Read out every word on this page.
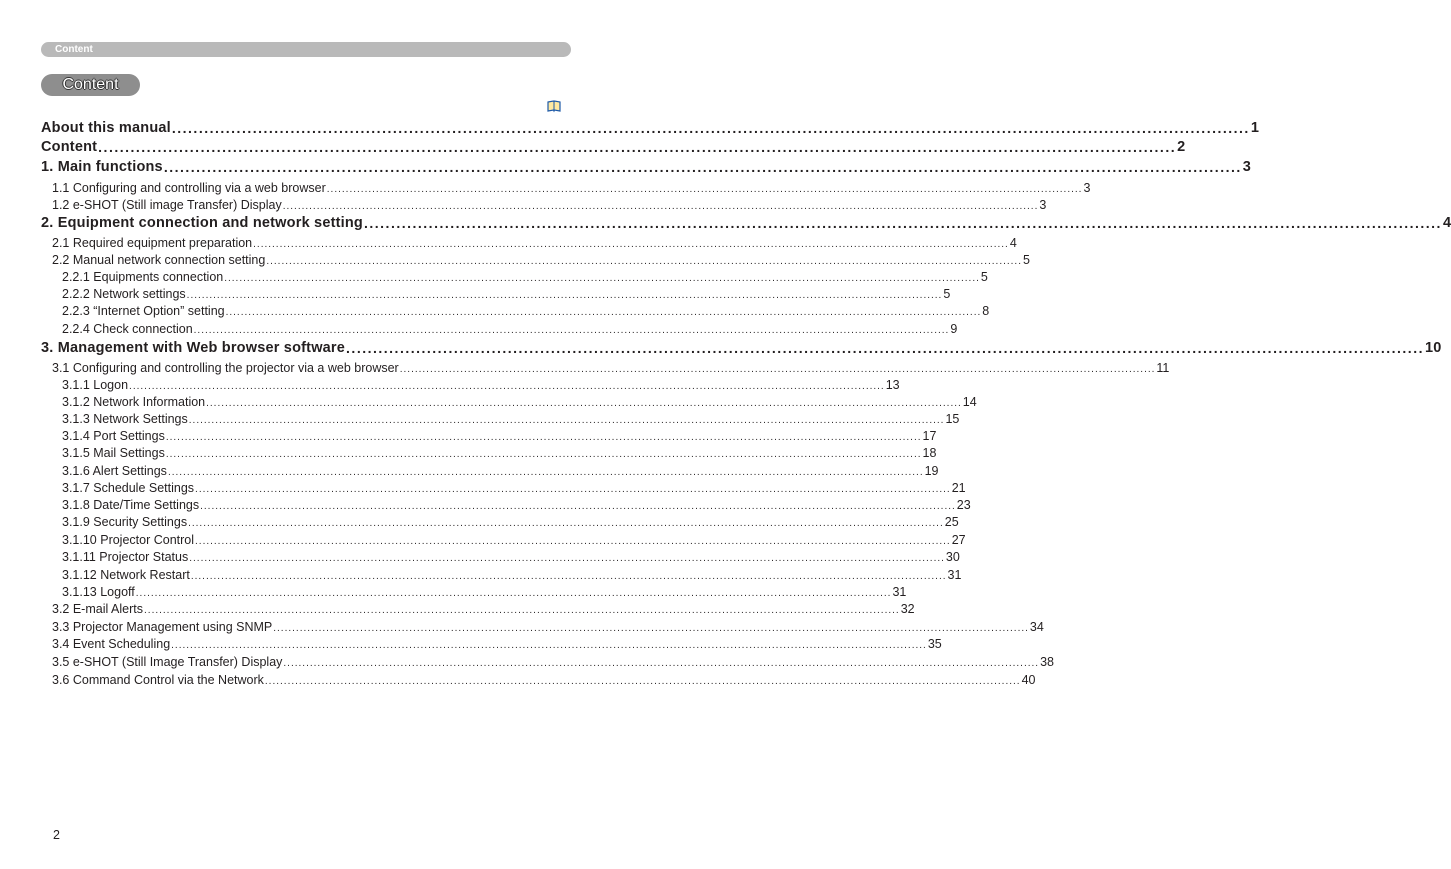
Content
Content
About this manual ........................................................................................................................................................................................................ 1
Content ........................................................................................................................................................................................................ 2
1. Main functions ........................................................................................................................................................................................................ 3
1.1 Configuring and controlling via a web browser ........................................................................................................................................................................................................ 3
1.2 e-SHOT (Still image Transfer) Display ........................................................................................................................................................................................................ 3
2. Equipment connection and network setting ........................................................................................................................................................................................................ 4
2.1 Required equipment preparation ........................................................................................................................................................................................................ 4
2.2 Manual network connection setting ........................................................................................................................................................................................................ 5
2.2.1 Equipments connection ........................................................................................................................................................................................................ 5
2.2.2 Network settings ........................................................................................................................................................................................................ 5
2.2.3 “Internet Option” setting ........................................................................................................................................................................................................ 8
2.2.4 Check connection ........................................................................................................................................................................................................ 9
3. Management with Web browser software ........................................................................................................................................................................................................ 10
3.1 Configuring and controlling the projector via a web browser ........................................................................................................................................................................................................ 11
3.1.1 Logon ........................................................................................................................................................................................................ 13
3.1.2 Network Information ........................................................................................................................................................................................................ 14
3.1.3 Network Settings ........................................................................................................................................................................................................ 15
3.1.4 Port Settings ........................................................................................................................................................................................................ 17
3.1.5 Mail Settings ........................................................................................................................................................................................................ 18
3.1.6 Alert Settings ........................................................................................................................................................................................................ 19
3.1.7 Schedule Settings ........................................................................................................................................................................................................ 21
3.1.8 Date/Time Settings ........................................................................................................................................................................................................ 23
3.1.9 Security Settings ........................................................................................................................................................................................................ 25
3.1.10 Projector Control ........................................................................................................................................................................................................ 27
3.1.11 Projector Status ........................................................................................................................................................................................................ 30
3.1.12 Network Restart ........................................................................................................................................................................................................ 31
3.1.13 Logoff ........................................................................................................................................................................................................ 31
3.2 E-mail Alerts ........................................................................................................................................................................................................ 32
3.3 Projector Management using SNMP ........................................................................................................................................................................................................ 34
3.4 Event Scheduling ........................................................................................................................................................................................................ 35
3.5 e-SHOT (Still Image Transfer) Display ........................................................................................................................................................................................................ 38
3.6 Command Control via the Network ........................................................................................................................................................................................................ 40
2
